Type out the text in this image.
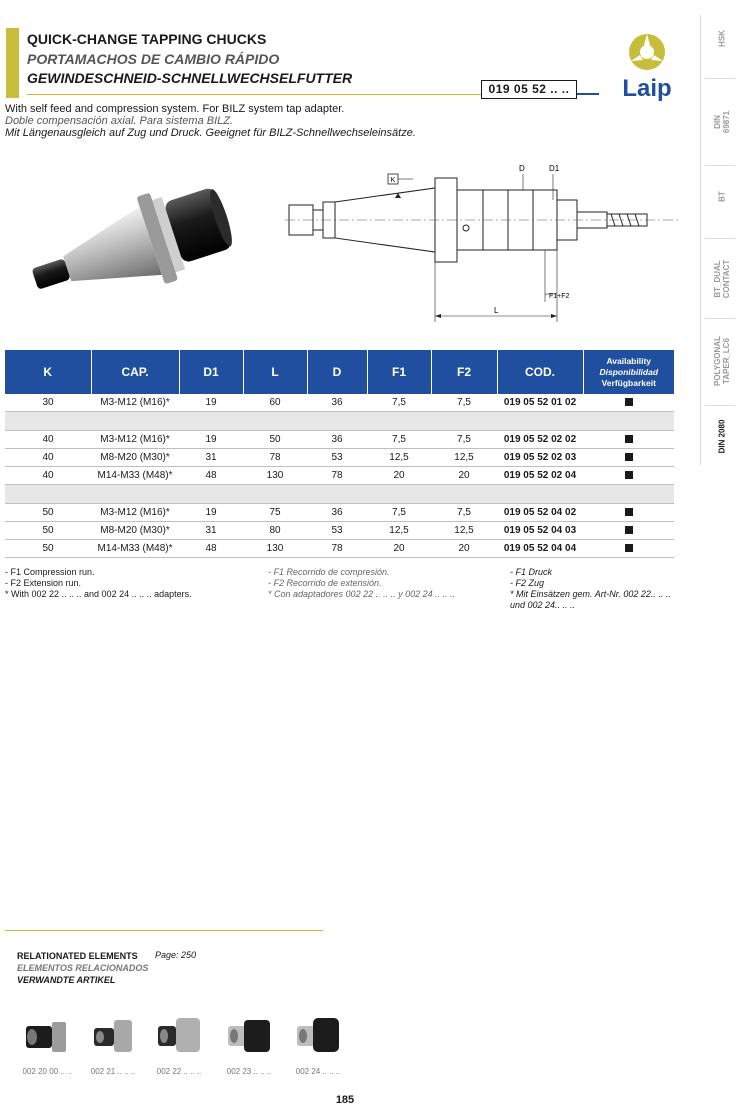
QUICK-CHANGE TAPPING CHUCKS
PORTAMACHOS DE CAMBIO RÁPIDO
GEWINDESCHNEID-SCHNELLWECHSELFUTTER
019 05 52 .. ..	Laip
HSK
DIN 69871
BT
BT_DUAL CONTACT
POLYGONAL TAPER_LC6
DIN 2080
With self feed and compression system. For BILZ system tap adapter.
Doble compensación axial. Para sistema BILZ.
Mit Längenausgleich auf Zug und Druck. Geeignet für BILZ-Schnellwechseleinsätze.
K
D	D1
F1+F2
L
K	CAP.	D1	L	D	F1	F2	COD.	Availability
Disponibilidad
Verfügbarkeit

30	M3-M12 (M16)*	19	60	36	7,5	7,5	019 05 52 01 02	

40	M3-M12 (M16)*	19	50	36	7,5	7,5	019 05 52 02 02	
40	M8-M20 (M30)*	31	78	53	12,5	12,5	019 05 52 02 03	
40	M14-M33 (M48)*	48	130	78	20	20	019 05 52 02 04	

50	M3-M12 (M16)*	19	75	36	7,5	7,5	019 05 52 04 02	
50	M8-M20 (M30)*	31	80	53	12,5	12,5	019 05 52 04 03	
50	M14-M33 (M48)*	48	130	78	20	20	019 05 52 04 04	
- F1 Compression run.
- F2 Extension run.
* With 002 22 .. .. .. and 002 24 .. .. .. adapters.
- F1 Recorrido de compresión.
- F2 Recorrido de extensión.
* Con adaptadores 002 22 .. .. .. y 002 24 .. .. ..
- F1 Druck
- F2 Zug
* Mit Einsätzen gem. Art-Nr. 002 22.. .. ..
und 002 24.. .. ..
RELATIONATED ELEMENTS Page: 250
ELEMENTOS RELACIONADOS
VERWANDTE ARTIKEL
002 20 00 .. ..	002 21 .. .. ..	002 22 .. .. ..	002 23 .. .. ..	002 24 .. .. ..
185
